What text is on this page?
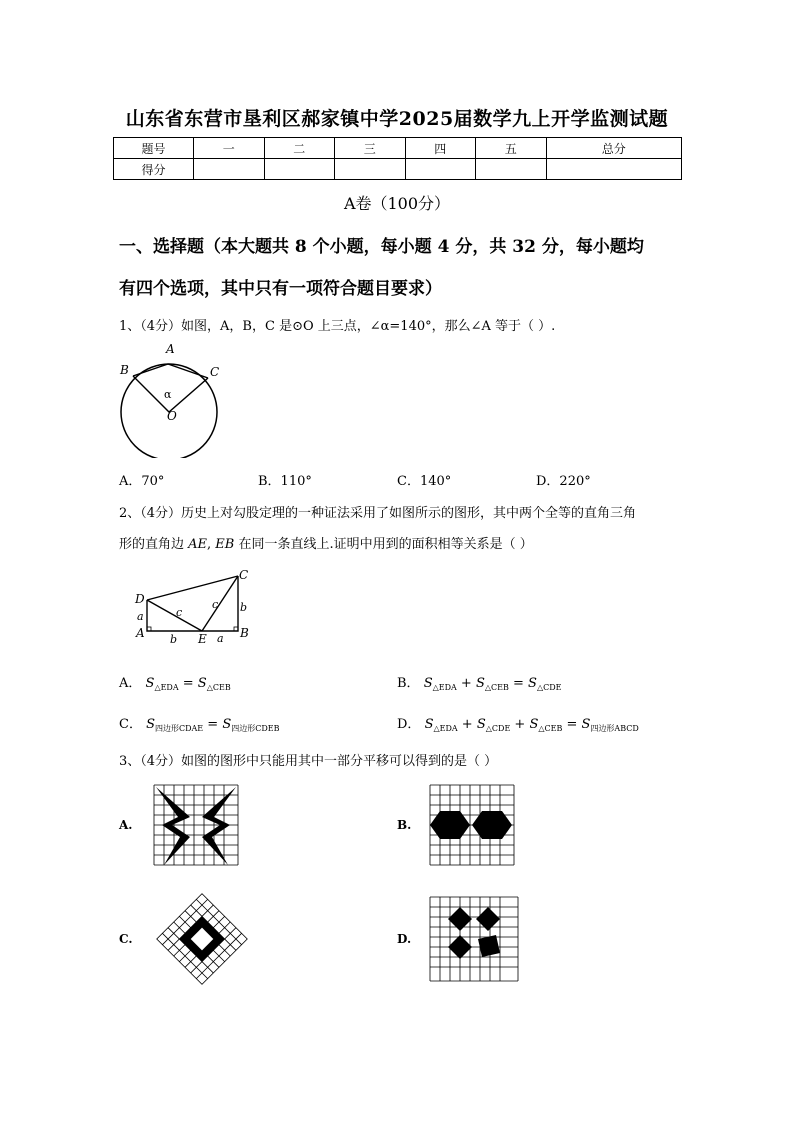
山东省东营市垦利区郝家镇中学2025届数学九上开学监测试题
题号	一	二	三	四	五	总分
得分						
A卷（100分）
一、选择题（本大题共 8 个小题，每小题 4 分，共 32 分，每小题均
有四个选项，其中只有一项符合题目要求）
1、（4分）如图，A，B，C 是⊙O 上三点，∠α=140°，那么∠A 等于（ ）.
A
B	C
α
O
A．70°	B．110°	C．140°	D．220°
2、（4分）历史上对勾股定理的一种证法采用了如图所示的图形，其中两个全等的直角三角
形的直角边 AE, EB 在同一条直线上.证明中用到的面积相等关系是（ ）
D
C
A	E	B
a
b
c
c
a
b
A． $S_{\triangle EDA} = S_{\triangle CEB}$	B． $S_{\triangle EDA} + S_{\triangle CEB} = S_{\triangle CDE}$
C． $S_{四边形CDAE} = S_{四边形CDEB}$	D． $S_{\triangle EDA} + S_{\triangle CDE} + S_{\triangle CEB} = S_{四边形ABCD}$
3、（4分）如图的图形中只能用其中一部分平移可以得到的是（ ）
A.	B.
C.	D.
